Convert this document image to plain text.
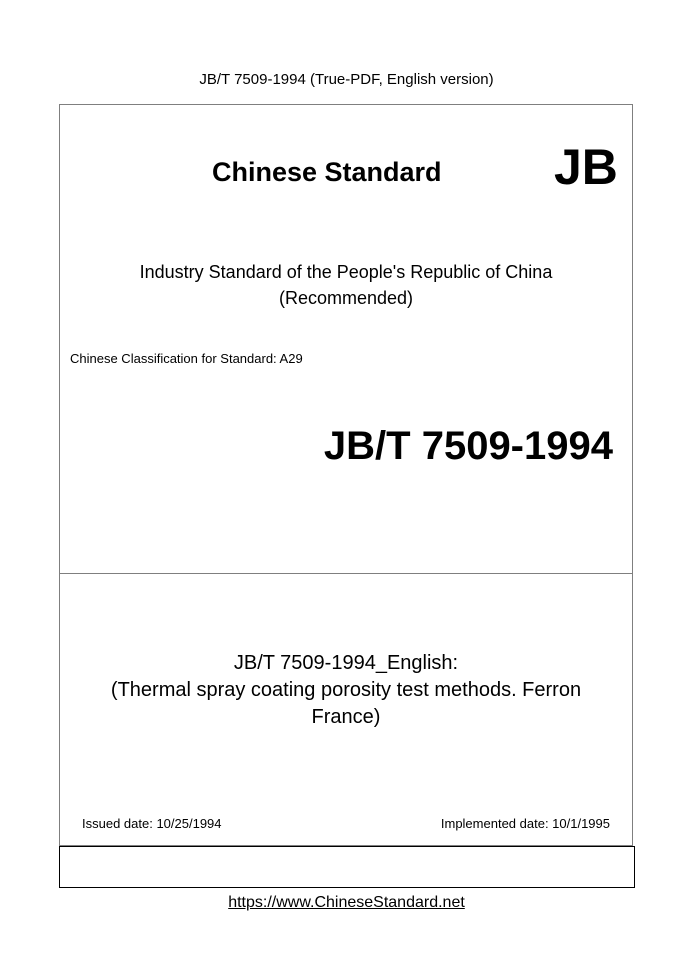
JB/T 7509-1994 (True-PDF, English version)
Chinese Standard JB
Industry Standard of the People's Republic of China
(Recommended)
Chinese Classification for Standard: A29
JB/T 7509-1994
JB/T 7509-1994_English:
(Thermal spray coating porosity test methods. Ferron
France)
Issued date: 10/25/1994	Implemented date: 10/1/1995
https://www.ChineseStandard.net
